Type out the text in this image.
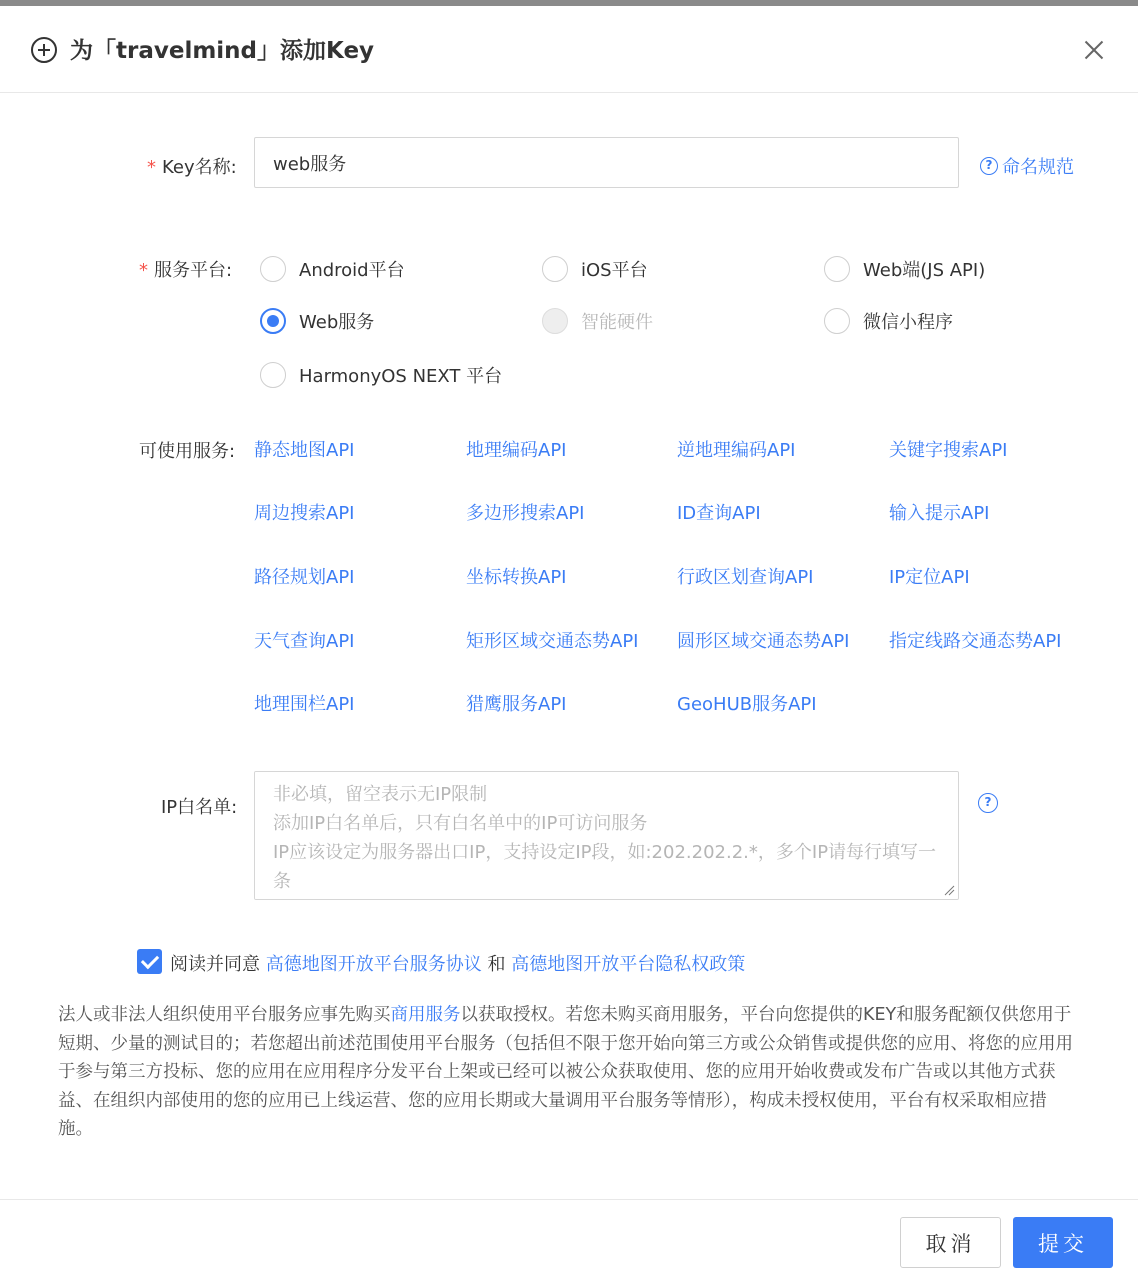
为「travelmind」添加Key
* Key名称:
web服务	? 命名规范
* 服务平台:	Android平台	iOS平台	Web端(JS API)
Web服务	智能硬件	微信小程序
HarmonyOS NEXT 平台
可使用服务: 静态地图API	地理编码API	逆地理编码API	关键字搜索API
周边搜索API	多边形搜索API	ID查询API	输入提示API
路径规划API	坐标转换API	行政区划查询API	IP定位API
天气查询API	矩形区域交通态势API 圆形区域交通态势API 指定线路交通态势API
地理围栏API	猎鹰服务API	GeoHUB服务API
IP白名单:
非必填，留空表示无IP限制 添加IP白名单后，只有白名单中的IP可访问服务 IP应该设定为服务器出口IP，支持设定IP段，如:202.202.2.*，多个IP请每行填写一条	?
阅读并同意 高德地图开放平台服务协议 和 高德地图开放平台隐私权政策
法人或非法人组织使用平台服务应事先购买商用服务以获取授权。若您未购买商用服务，平台向您提供的KEY和服务配额仅供您用于短期、少量的测试目的；若您超出前述范围使用平台服务（包括但不限于您开始向第三方或公众销售或提供您的应用、将您的应用用于参与第三方投标、您的应用在应用程序分发平台上架或已经可以被公众获取使用、您的应用开始收费或发布广告或以其他方式获益、在组织内部使用的您的应用已上线运营、您的应用长期或大量调用平台服务等情形），构成未授权使用，平台有权采取相应措施。
取消	提交
